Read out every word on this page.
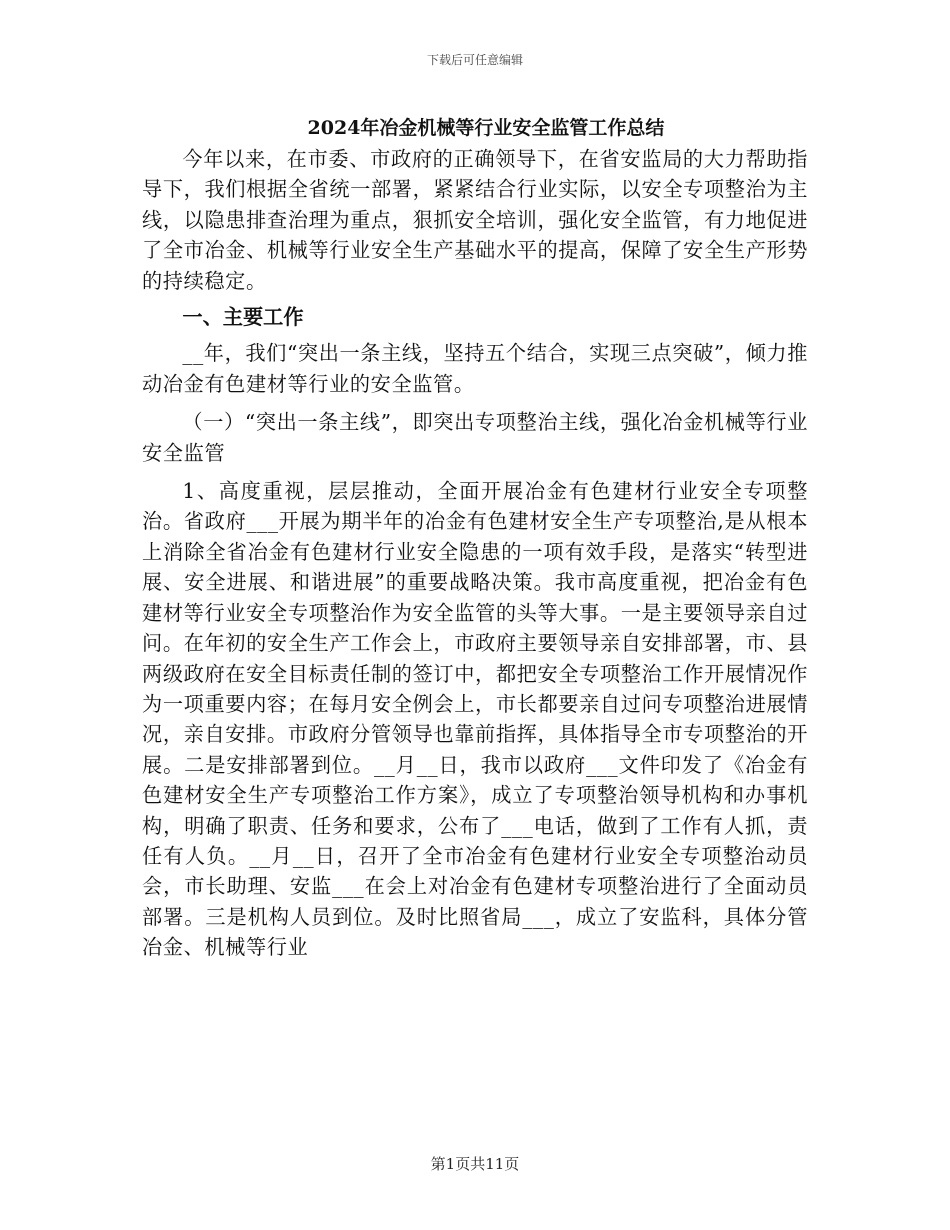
下载后可任意编辑
2024年冶金机械等行业安全监管工作总结

今年以来，在市委、市政府的正确领导下，在省安监局的大力帮助指导下，我们根据全省统一部署，紧紧结合行业实际，以安全专项整治为主线，以隐患排查治理为重点，狠抓安全培训，强化安全监管，有力地促进了全市冶金、机械等行业安全生产基础水平的提高，保障了安全生产形势的持续稳定。

一、主要工作

__年，我们“突出一条主线，坚持五个结合，实现三点突破”，倾力推动冶金有色建材等行业的安全监管。

（一）“突出一条主线”，即突出专项整治主线，强化冶金机械等行业安全监管

1、高度重视，层层推动，全面开展冶金有色建材行业安全专项整治。省政府___开展为期半年的冶金有色建材安全生产专项整治,是从根本上消除全省冶金有色建材行业安全隐患的一项有效手段，是落实“转型进展、安全进展、和谐进展”的重要战略决策。我市高度重视，把冶金有色建材等行业安全专项整治作为安全监管的头等大事。一是主要领导亲自过问。在年初的安全生产工作会上，市政府主要领导亲自安排部署，市、县两级政府在安全目标责任制的签订中，都把安全专项整治工作开展情况作为一项重要内容；在每月安全例会上，市长都要亲自过问专项整治进展情况，亲自安排。市政府分管领导也靠前指挥，具体指导全市专项整治的开展。二是安排部署到位。__月__日，我市以政府___文件印发了《冶金有色建材安全生产专项整治工作方案》，成立了专项整治领导机构和办事机构，明确了职责、任务和要求，公布了___电话，做到了工作有人抓，责任有人负。__月__日，召开了全市冶金有色建材行业安全专项整治动员会，市长助理、安监___在会上对冶金有色建材专项整治进行了全面动员部署。三是机构人员到位。及时比照省局___，成立了安监科，具体分管冶金、机械等行业

第1页共11页
